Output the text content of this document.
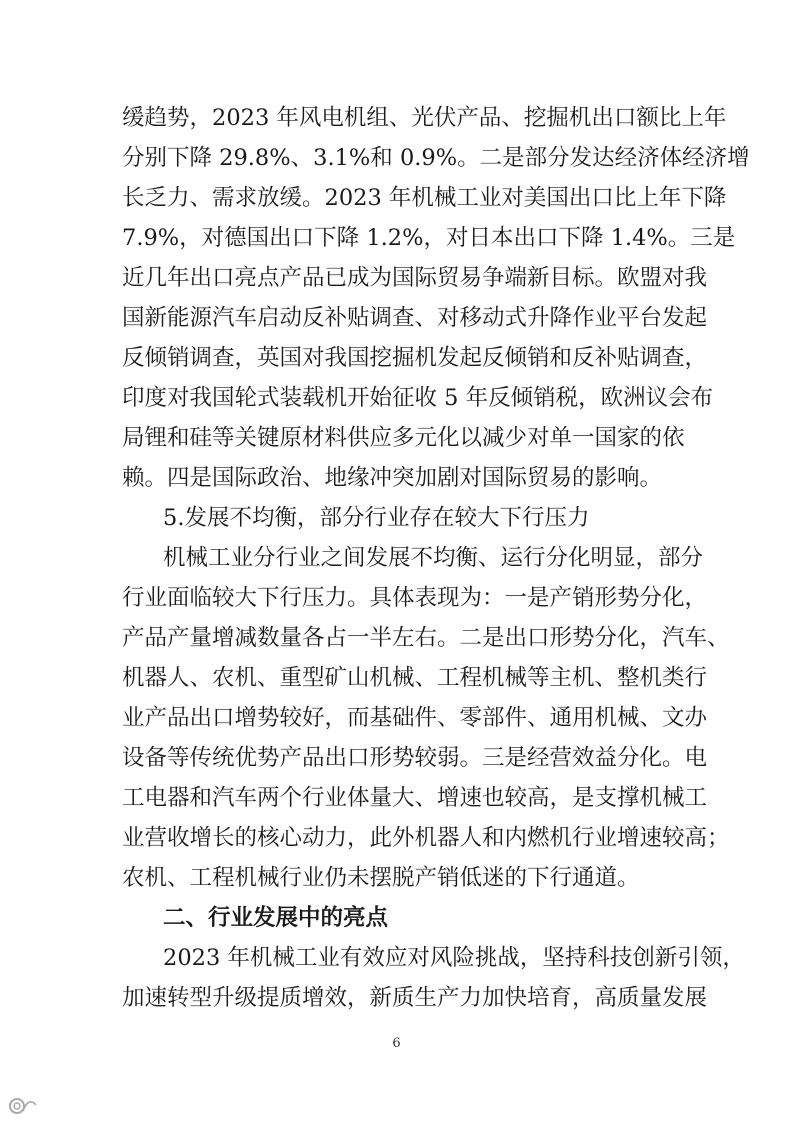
缓趋势，2023 年风电机组、光伏产品、挖掘机出口额比上年
分别下降 29.8%、3.1%和 0.9%。二是部分发达经济体经济增
长乏力、需求放缓。2023 年机械工业对美国出口比上年下降
7.9%，对德国出口下降 1.2%，对日本出口下降 1.4%。三是
近几年出口亮点产品已成为国际贸易争端新目标。欧盟对我
国新能源汽车启动反补贴调查、对移动式升降作业平台发起
反倾销调查，英国对我国挖掘机发起反倾销和反补贴调查，
印度对我国轮式装载机开始征收 5 年反倾销税，欧洲议会布
局锂和硅等关键原材料供应多元化以减少对单一国家的依
赖。四是国际政治、地缘冲突加剧对国际贸易的影响。
5.发展不均衡，部分行业存在较大下行压力
机械工业分行业之间发展不均衡、运行分化明显，部分
行业面临较大下行压力。具体表现为：一是产销形势分化，
产品产量增减数量各占一半左右。二是出口形势分化，汽车、
机器人、农机、重型矿山机械、工程机械等主机、整机类行
业产品出口增势较好，而基础件、零部件、通用机械、文办
设备等传统优势产品出口形势较弱。三是经营效益分化。电
工电器和汽车两个行业体量大、增速也较高，是支撑机械工
业营收增长的核心动力，此外机器人和内燃机行业增速较高；
农机、工程机械行业仍未摆脱产销低迷的下行通道。
二、行业发展中的亮点
2023 年机械工业有效应对风险挑战，坚持科技创新引领，
加速转型升级提质增效，新质生产力加快培育，高质量发展
6
